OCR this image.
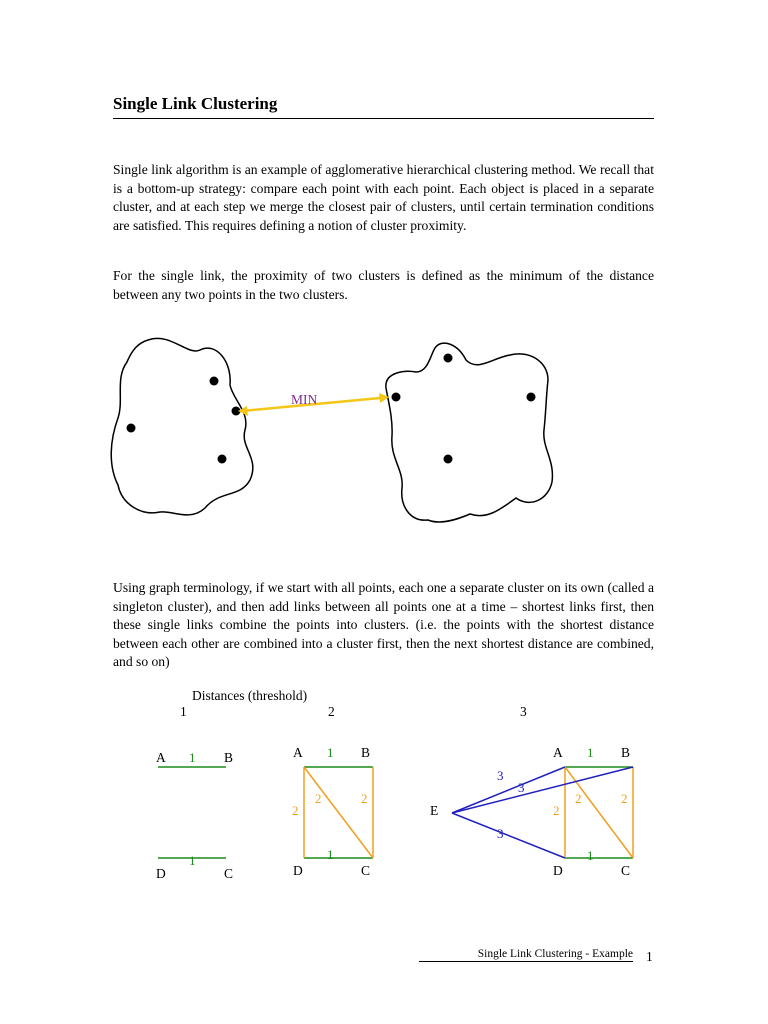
Single Link Clustering

Single link algorithm is an example of agglomerative hierarchical clustering method. We recall that is a bottom-up strategy: compare each point with each point. Each object is placed in a separate cluster, and at each step we merge the closest pair of clusters, until certain termination conditions are satisfied. This requires defining a notion of cluster proximity.

For the single link, the proximity of two clusters is defined as the minimum of the distance between any two points in the two clusters.

MIN

Using graph terminology, if we start with all points, each one a separate cluster on its own (called a singleton cluster), and then add links between all points one at a time – shortest links first, then these single links combine the points into clusters. (i.e. the points with the shortest distance between each other are combined into a cluster first, then the next shortest distance are combined, and so on)

Distances (threshold)
1	2	3
A	B
D	C
1
1
A	B
D	C
1
1
2
2	2
A	B
D	C
E
1
1
2
2	2
3
3
3
Single Link Clustering - Example 1
